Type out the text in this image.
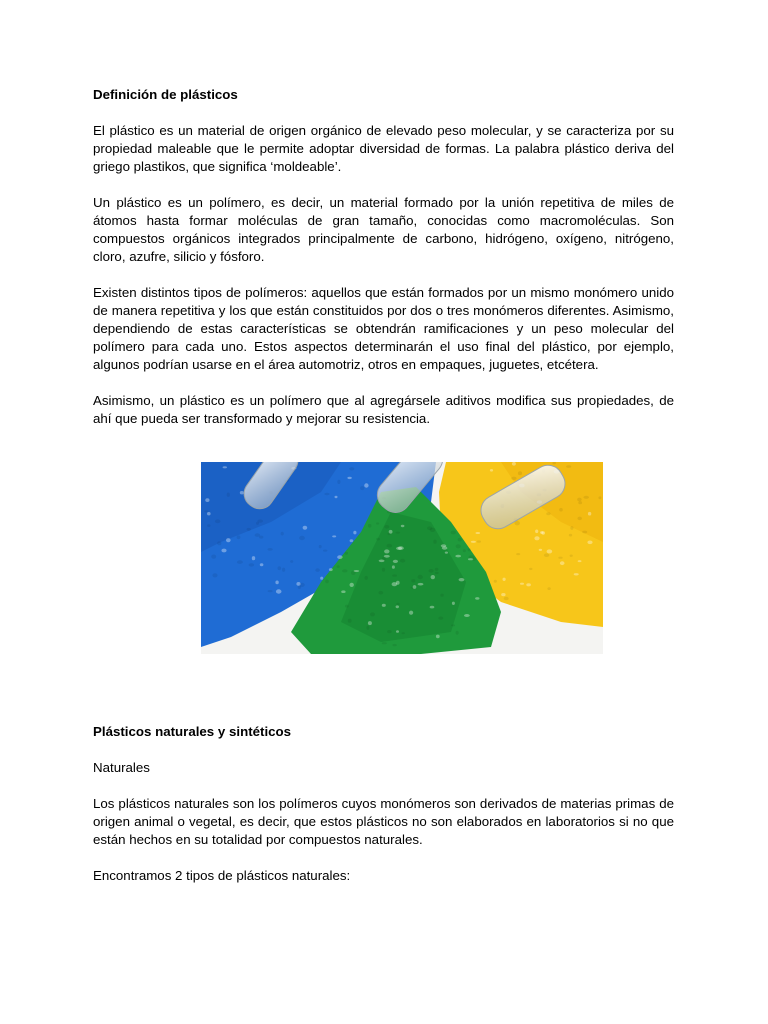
Definición de plásticos

El plástico es un material de origen orgánico de elevado peso molecular, y se caracteriza por su propiedad maleable que le permite adoptar diversidad de formas. La palabra plástico deriva del griego plastikos, que significa ‘moldeable’.

Un plástico es un polímero, es decir, un material formado por la unión repetitiva de miles de átomos hasta formar moléculas de gran tamaño, conocidas como macromoléculas. Son compuestos orgánicos integrados principalmente de carbono, hidrógeno, oxígeno, nitrógeno, cloro, azufre, silicio y fósforo.

Existen distintos tipos de polímeros: aquellos que están formados por un mismo monómero unido de manera repetitiva y los que están constituidos por dos o tres monómeros diferentes. Asimismo, dependiendo de estas características se obtendrán ramificaciones y un peso molecular del polímero para cada uno. Estos aspectos determinarán el uso final del plástico, por ejemplo, algunos podrían usarse en el área automotriz, otros en empaques, juguetes, etcétera.

Asimismo, un plástico es un polímero que al agregársele aditivos modifica sus propiedades, de ahí que pueda ser transformado y mejorar su resistencia.

Plásticos naturales y sintéticos

Naturales

Los plásticos naturales son los polímeros cuyos monómeros son derivados de materias primas de origen animal o vegetal, es decir, que estos plásticos no son elaborados en laboratorios si no que están hechos en su totalidad por compuestos naturales.

Encontramos 2 tipos de plásticos naturales:
